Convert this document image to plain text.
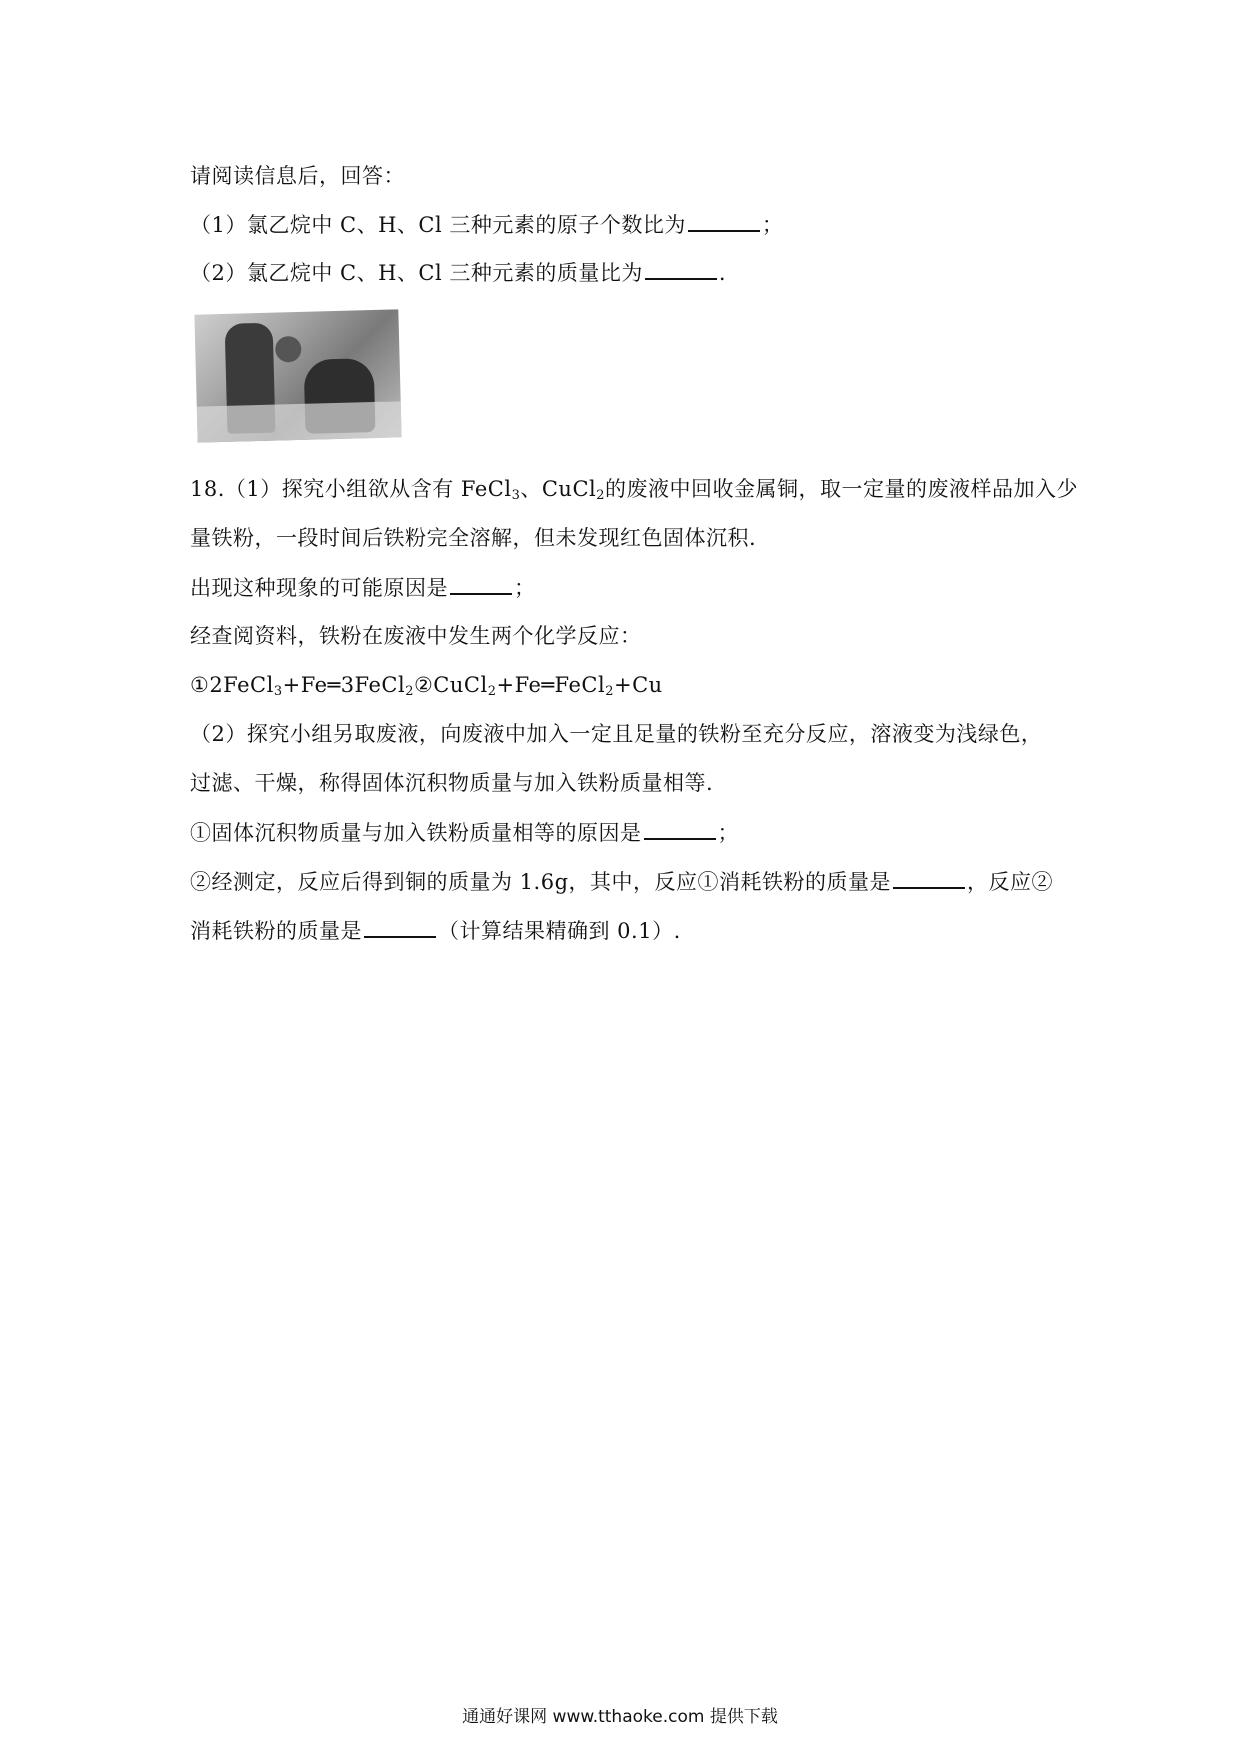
请阅读信息后，回答：
（1）氯乙烷中 C、H、Cl 三种元素的原子个数比为	；
（2）氯乙烷中 C、H、Cl 三种元素的质量比为	.
18.（1）探究小组欲从含有 FeCl$_3$、CuCl$_2$的废液中回收金属铜，取一定量的废液样品加入少
量铁粉，一段时间后铁粉完全溶解，但未发现红色固体沉积.
出现这种现象的可能原因是	；
经查阅资料，铁粉在废液中发生两个化学反应：
①2FeCl$_3$+Fe═3FeCl$_2$②CuCl$_2$+Fe═FeCl$_2$+Cu
（2）探究小组另取废液，向废液中加入一定且足量的铁粉至充分反应，溶液变为浅绿色，
过滤、干燥，称得固体沉积物质量与加入铁粉质量相等.
①固体沉积物质量与加入铁粉质量相等的原因是	；
②经测定，反应后得到铜的质量为 1.6g，其中，反应①消耗铁粉的质量是	，反应②
消耗铁粉的质量是	（计算结果精确到 0.1）.
通通好课网 www.tthaoke.com 提供下载
